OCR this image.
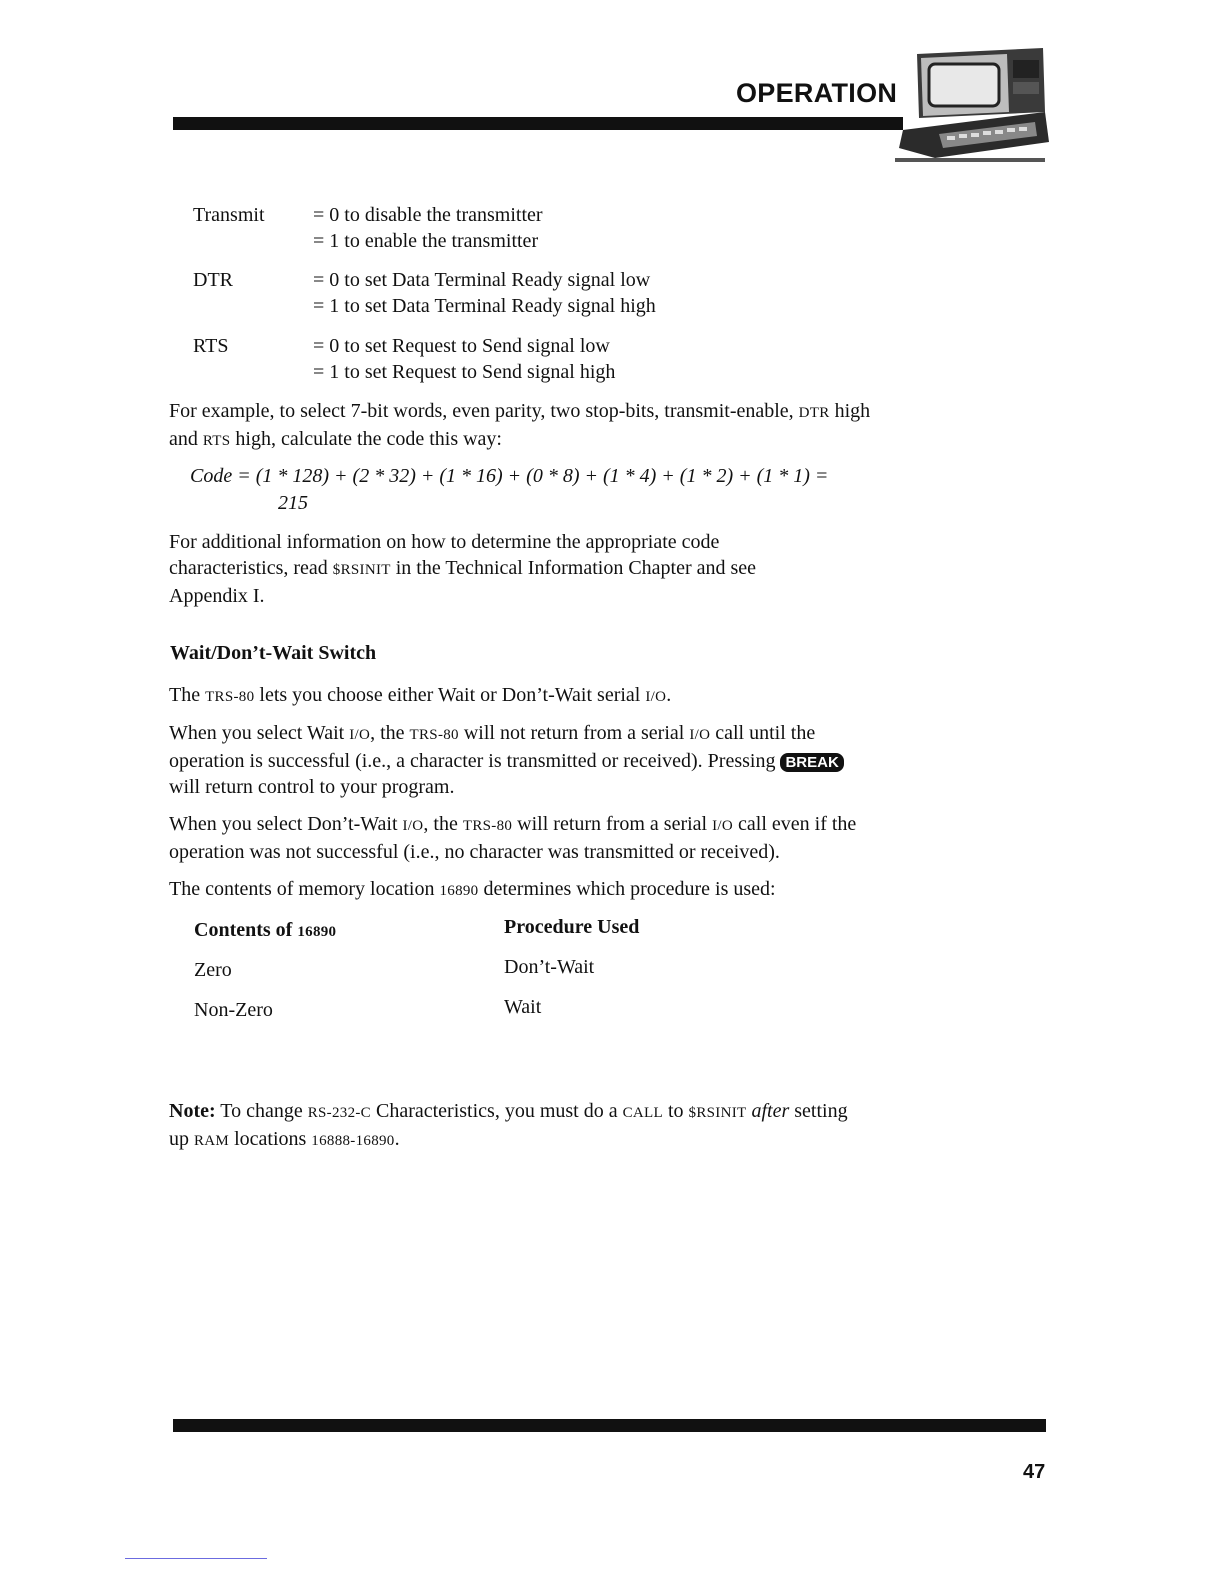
OPERATION
Transmit	= 0 to disable the transmitter
= 1 to enable the transmitter
DTR	= 0 to set Data Terminal Ready signal low
= 1 to set Data Terminal Ready signal high
RTS	= 0 to set Request to Send signal low
= 1 to set Request to Send signal high
For example, to select 7-bit words, even parity, two stop-bits, transmit-enable, DTR high and RTS high, calculate the code this way:
Code = (1 * 128) + (2 * 32) + (1 * 16) + (0 * 8) + (1 * 4) + (1 * 2) + (1 * 1) =
215
For additional information on how to determine the appropriate code characteristics, read $RSINIT in the Technical Information Chapter and see Appendix I.
Wait/Don’t-Wait Switch
The TRS-80 lets you choose either Wait or Don’t-Wait serial I/O.
When you select Wait I/O, the TRS-80 will not return from a serial I/O call until the operation is successful (i.e., a character is transmitted or received). Pressing BREAK will return control to your program.
When you select Don’t-Wait I/O, the TRS-80 will return from a serial I/O call even if the operation was not successful (i.e., no character was transmitted or received).
The contents of memory location 16890 determines which procedure is used:
Contents of 16890	Procedure Used
Zero	Don’t-Wait
Non-Zero	Wait
Note: To change RS-232-C Characteristics, you must do a CALL to $RSINIT after setting up RAM locations 16888-16890.
47
